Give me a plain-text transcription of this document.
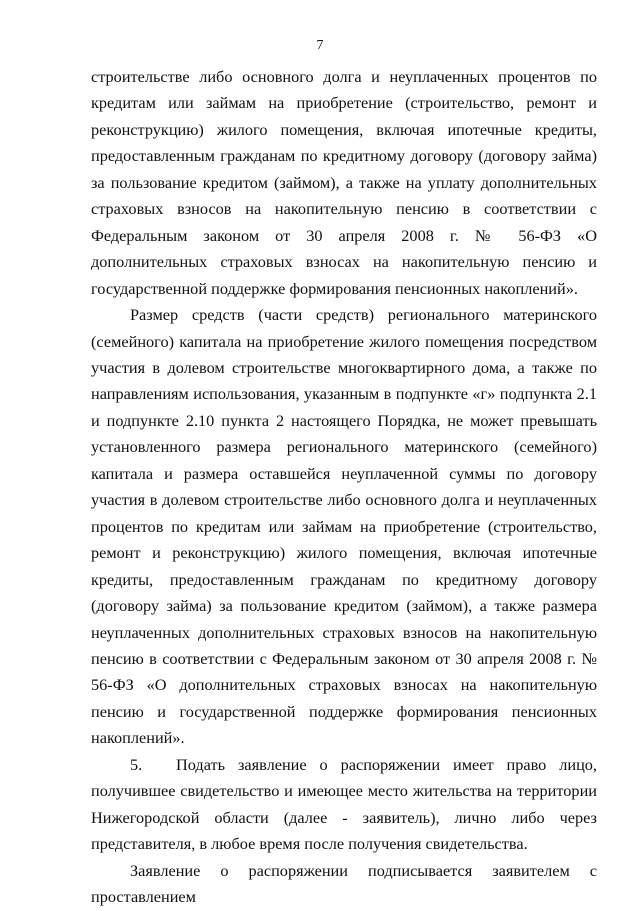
7

строительстве либо основного долга и неуплаченных процентов по кредитам или займам на приобретение (строительство, ремонт и реконструкцию) жилого помещения, включая ипотечные кредиты, предоставленным гражданам по кредитному договору (договору займа) за пользование кредитом (займом), а также на уплату дополнительных страховых взносов на накопительную пенсию в соответствии с Федеральным законом от 30 апреля 2008 г. № 56-ФЗ «О дополнительных страховых взносах на накопительную пенсию и государственной поддержке формирования пенсионных накоплений».

Размер средств (части средств) регионального материнского (семейного) капитала на приобретение жилого помещения посредством участия в долевом строительстве многоквартирного дома, а также по направлениям использования, указанным в подпункте «г» подпункта 2.1 и подпункте 2.10 пункта 2 настоящего Порядка, не может превышать установленного размера регионального материнского (семейного) капитала и размера оставшейся неуплаченной суммы по договору участия в долевом строительстве либо основного долга и неуплаченных процентов по кредитам или займам на приобретение (строительство, ремонт и реконструкцию) жилого помещения, включая ипотечные кредиты, предоставленным гражданам по кредитному договору (договору займа) за пользование кредитом (займом), а также размера неуплаченных дополнительных страховых взносов на накопительную пенсию в соответствии с Федеральным законом от 30 апреля 2008 г. № 56-ФЗ «О дополнительных страховых взносах на накопительную пенсию и государственной поддержке формирования пенсионных накоплений».

5. Подать заявление о распоряжении имеет право лицо, получившее свидетельство и имеющее место жительства на территории Нижегородской области (далее - заявитель), лично либо через представителя, в любое время после получения свидетельства.

Заявление о распоряжении подписывается заявителем с проставлением
